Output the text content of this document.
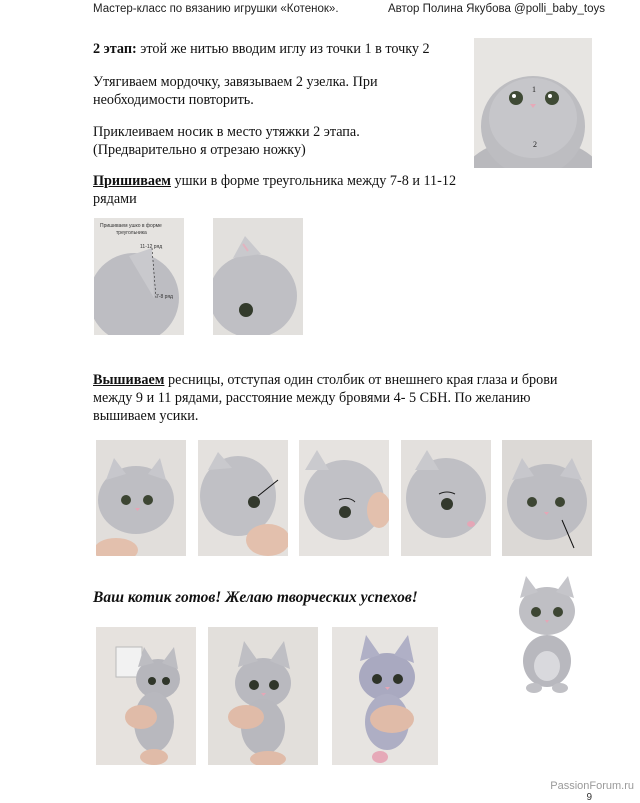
Мастер-класс по вязанию игрушки «Котенок».	Автор Полина Якубова @polli_baby_toys
2 этап: этой же нитью вводим иглу из точки 1 в точку 2
Утягиваем мордочку, завязываем 2 узелка. При необходимости повторить.
Приклеиваем носик в место утяжки 2 этапа. (Предварительно я отрезаю ножку)
Пришиваем ушки в форме треугольника между 7-8 и 11-12 рядами
1
2
Пришиваем ушко в форме
треугольника
11-12 ряд
7-8 ряд
Вышиваем ресницы, отступая один столбик от внешнего края глаза и брови между 9 и 11 рядами, расстояние между бровями 4- 5 СБН. По желанию вышиваем усики.
Ваш котик готов! Желаю творческих успехов!
PassionForum.ru
9
